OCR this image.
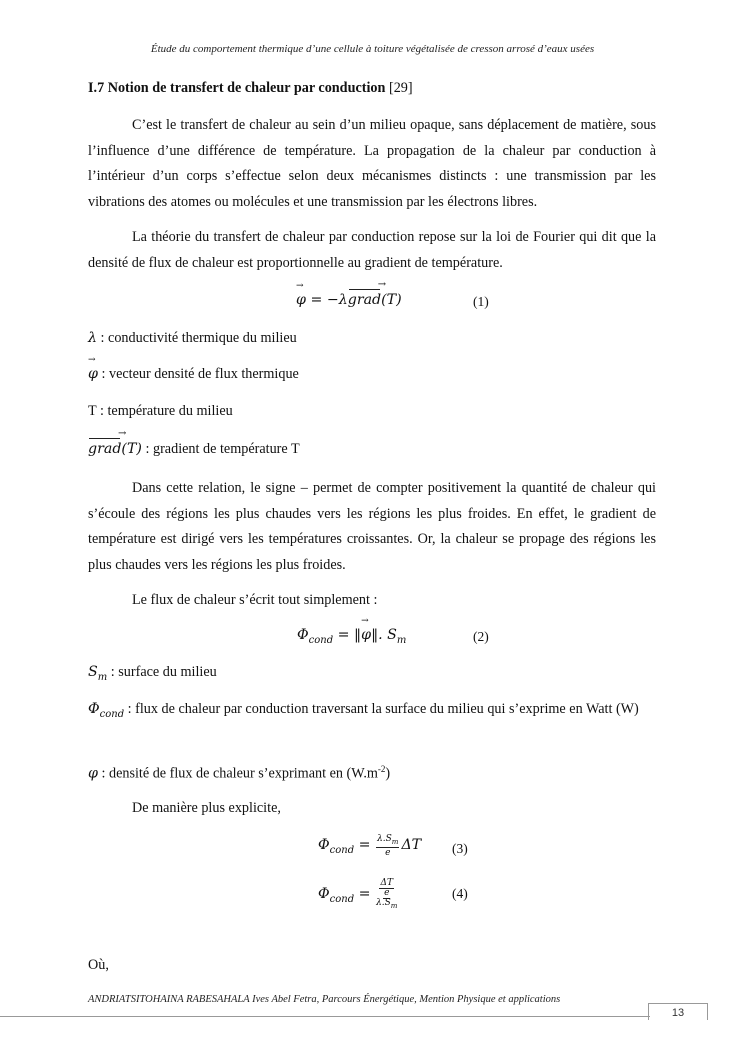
Étude du comportement thermique d’une cellule à toiture végétalisée de cresson arrosé d’eaux usées
I.7 Notion de transfert de chaleur par conduction [29]
C’est le transfert de chaleur au sein d’un milieu opaque, sans déplacement de matière, sous l’influence d’une différence de température. La propagation de la chaleur par conduction à l’intérieur d’un corps s’effectue selon deux mécanismes distincts : une transmission par les vibrations des atomes ou molécules et une transmission par les électrons libres.
La théorie du transfert de chaleur par conduction repose sur la loi de Fourier qui dit que la densité de flux de chaleur est proportionnelle au gradient de température.
φ → = −λgrad →(T)	(1)
λ : conductivité thermique du milieu
φ → : vecteur densité de flux thermique
T : température du milieu
grad →(T) : gradient de température T
Dans cette relation, le signe – permet de compter positivement la quantité de chaleur qui s’écoule des régions les plus chaudes vers les régions les plus froides. En effet, le gradient de température est dirigé vers les températures croissantes. Or, la chaleur se propage des régions les plus chaudes vers les régions les plus froides.
Le flux de chaleur s’écrit tout simplement :
$\Phi_{cond}$ = ‖φ →‖. $S_m$	(2)
$S_m$ : surface du milieu
$\Phi_{cond}$ : flux de chaleur par conduction traversant la surface du milieu qui s’exprime en Watt (W)
φ : densité de flux de chaleur s’exprimant en $(W.m^{-2})$
De manière plus explicite,
$\Phi_{cond} = \frac{\lambda.S_m}{e}$ ΔT (3)
$\Phi_{cond}$ =
ΔT
e
$\lambda.S_m$
(4)
Où,
ANDRIATSITOHAINA RABESAHALA Ives Abel Fetra, Parcours Énergétique, Mention Physique et applications
13
